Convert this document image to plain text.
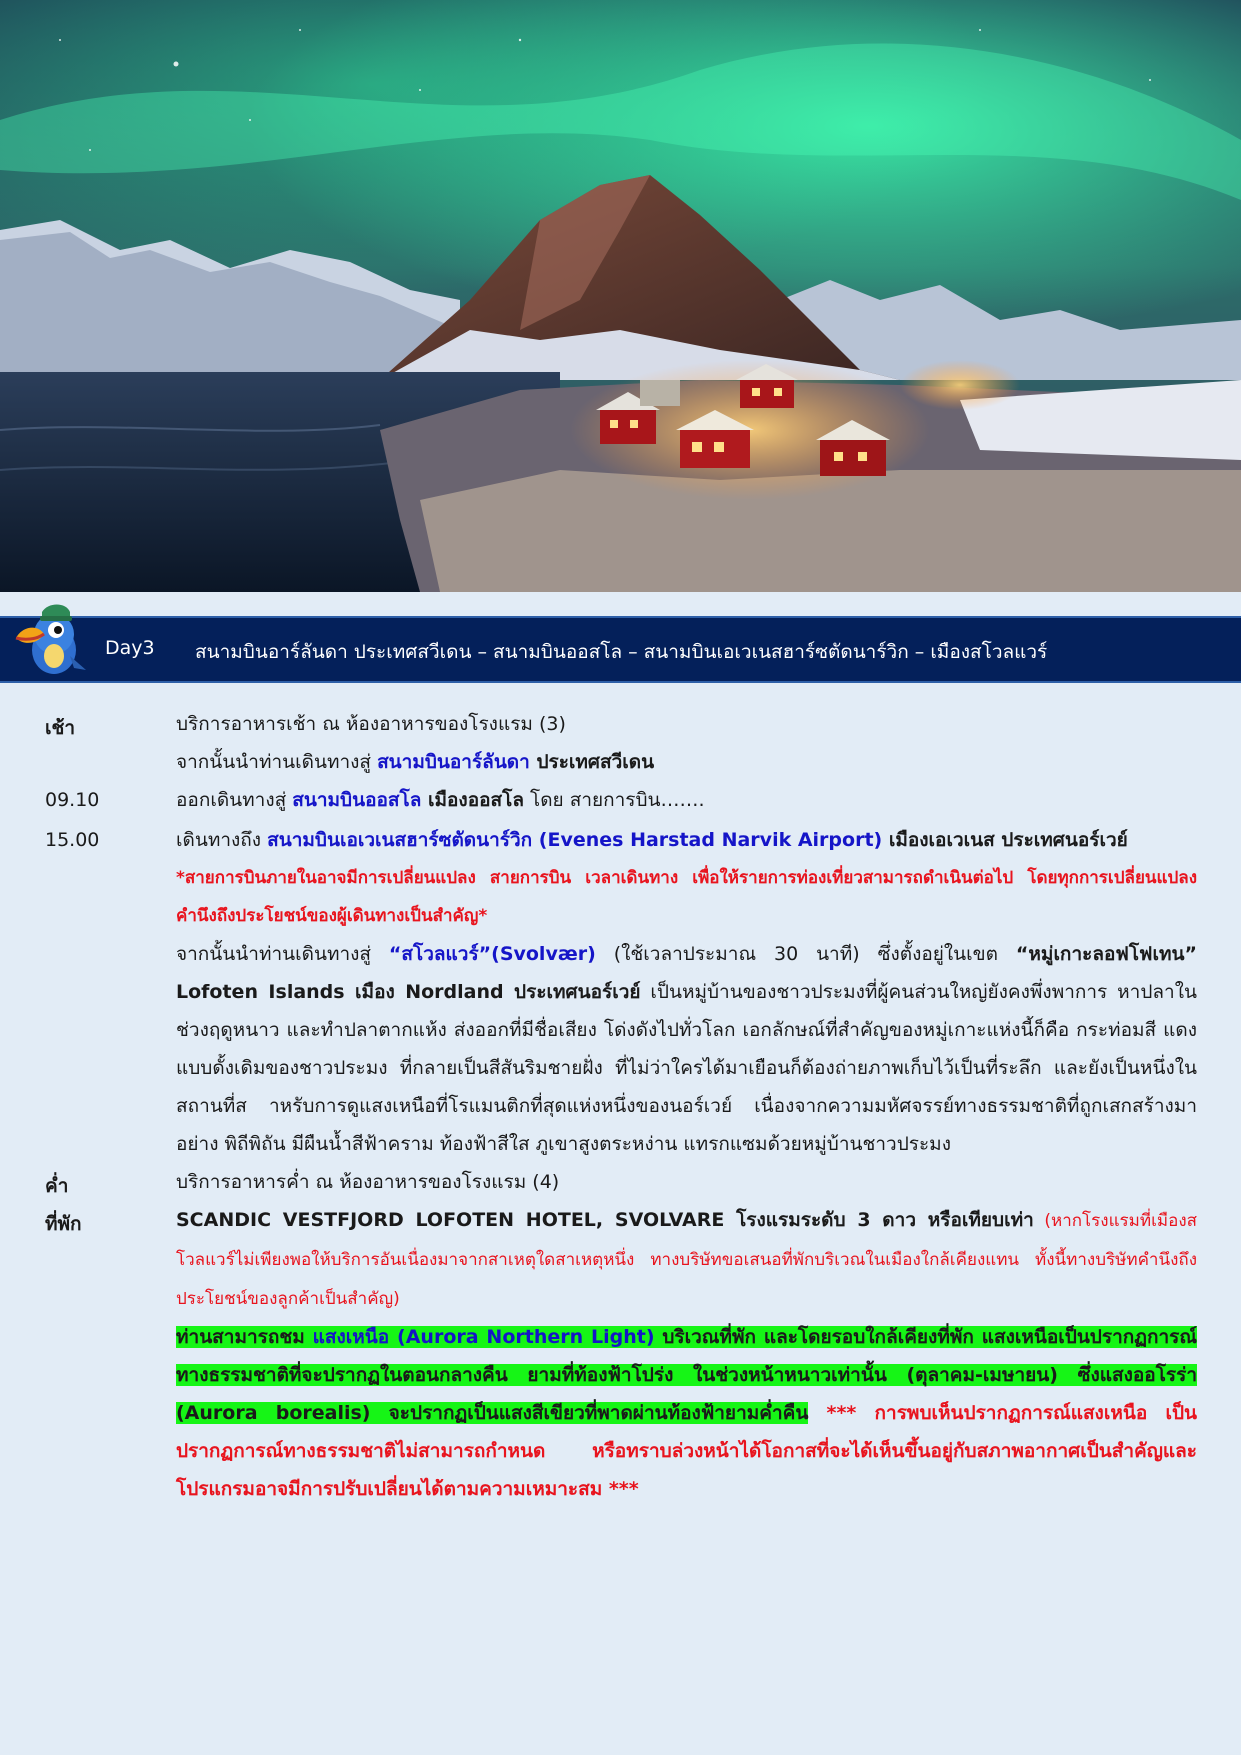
Day3 สนามบินอาร์ลันดา ประเทศสวีเดน – สนามบินออสโล – สนามบินเอเวเนสฮาร์ซตัดนาร์วิก – เมืองสโวลแวร์
เช้า	บริการอาหารเช้า ณ ห้องอาหารของโรงแรม (3)
จากนั้นนำท่านเดินทางสู่ สนามบินอาร์ลันดา ประเทศสวีเดน
09.10	ออกเดินทางสู่ สนามบินออสโล เมืองออสโล โดย สายการบิน…….
15.00	เดินทางถึง สนามบินเอเวเนสฮาร์ซตัดนาร์วิก (Evenes Harstad Narvik Airport) เมืองเอเวเนส ประเทศนอร์เวย์
*สายการบินภายในอาจมีการเปลี่ยนแปลง สายการบิน เวลาเดินทาง เพื่อให้รายการท่องเที่ยวสามารถดำเนินต่อไป โดยทุกการเปลี่ยนแปลงคำนึงถึงประโยชน์ของผู้เดินทางเป็นสำคัญ*
จากนั้นนำท่านเดินทางสู่ “สโวลแวร์”(Svolvær) (ใช้เวลาประมาณ 30 นาที) ซึ่งตั้งอยู่ในเขต “หมู่เกาะลอฟโฟเทน” Lofoten Islands เมือง Nordland ประเทศนอร์เวย์ เป็นหมู่บ้านของชาวประมงที่ผู้คนส่วนใหญ่ยังคงพึ่งพาการ หาปลาในช่วงฤดูหนาว และทำปลาตากแห้ง ส่งออกที่มีชื่อเสียง โด่งดังไปทั่วโลก เอกลักษณ์ที่สำคัญของหมู่เกาะแห่งนี้ก็คือ กระท่อมสี แดงแบบดั้งเดิมของชาวประมง ที่กลายเป็นสีสันริมชายฝั่ง ที่ไม่ว่าใครได้มาเยือนก็ต้องถ่ายภาพเก็บไว้เป็นที่ระลึก และยังเป็นหนึ่งใน สถานที่ส าหรับการดูแสงเหนือที่โรแมนติกที่สุดแห่งหนึ่งของนอร์เวย์ เนื่องจากความมหัศจรรย์ทางธรรมชาติที่ถูกเสกสร้างมาอย่าง พิถีพิถัน มีผืนน้ำสีฟ้าคราม ท้องฟ้าสีใส ภูเขาสูงตระหง่าน แทรกแซมด้วยหมู่บ้านชาวประมง
ค่ำ	บริการอาหารค่ำ ณ ห้องอาหารของโรงแรม (4)
ที่พัก	SCANDIC VESTFJORD LOFOTEN HOTEL, SVOLVARE โรงแรมระดับ 3 ดาว หรือเทียบเท่า (หากโรงแรมที่เมืองสโวลแวร์ไม่เพียงพอให้บริการอันเนื่องมาจากสาเหตุใดสาเหตุหนึ่ง ทางบริษัทขอเสนอที่พักบริเวณในเมืองใกล้เคียงแทน ทั้งนี้ทางบริษัทคำนึงถึงประโยชน์ของลูกค้าเป็นสำคัญ)
ท่านสามารถชม แสงเหนือ (Aurora Northern Light) บริเวณที่พัก และโดยรอบใกล้เคียงที่พัก แสงเหนือเป็นปรากฏการณ์ทางธรรมชาติที่จะปรากฏในตอนกลางคืน ยามที่ท้องฟ้าโปร่ง ในช่วงหน้าหนาวเท่านั้น (ตุลาคม-เมษายน) ซึ่งแสงออโรร่า (Aurora borealis) จะปรากฏเป็นแสงสีเขียวที่พาดผ่านท้องฟ้ายามค่ำคืน *** การพบเห็นปรากฏการณ์แสงเหนือ เป็นปรากฏการณ์ทางธรรมชาติไม่สามารถกำหนด หรือทราบล่วงหน้าได้โอกาสที่จะได้เห็นขึ้นอยู่กับสภาพอากาศเป็นสำคัญและโปรแกรมอาจมีการปรับเปลี่ยนได้ตามความเหมาะสม ***
